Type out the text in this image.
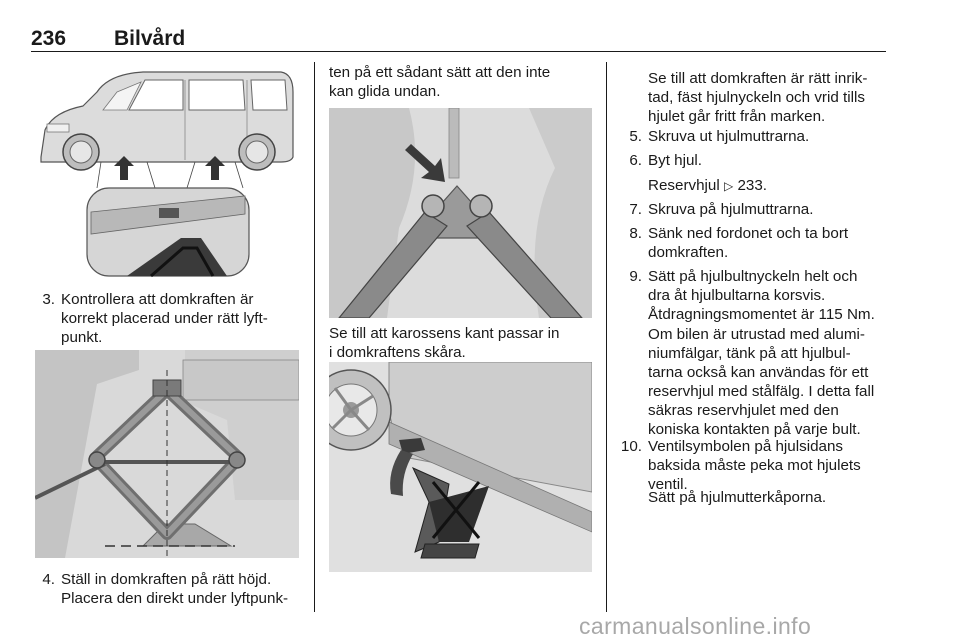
236 Bilvård
3. Kontrollera att domkraften är
korrekt placerad under rätt lyft-
punkt.
4. Ställ in domkraften på rätt höjd.
Placera den direkt under lyftpunk-
ten på ett sådant sätt att den inte
kan glida undan.
Se till att karossens kant passar in
i domkraftens skåra.
Se till att domkraften är rätt inrik-
tad, fäst hjulnyckeln och vrid tills
hjulet går fritt från marken.
5. Skruva ut hjulmuttrarna.
6. Byt hjul.
Reservhjul ▷ 233.
7. Skruva på hjulmuttrarna.
8. Sänk ned fordonet och ta bort
domkraften.
9. Sätt på hjulbultnyckeln helt och
dra åt hjulbultarna korsvis.
Åtdragningsmomentet är 115 Nm.
Om bilen är utrustad med alumi-
niumfälgar, tänk på att hjulbul-
tarna också kan användas för ett
reservhjul med stålfälg. I detta fall
säkras reservhjulet med den
koniska kontakten på varje bult.
10. Ventilsymbolen på hjulsidans
baksida måste peka mot hjulets
ventil.
Sätt på hjulmutterkåporna.
carmanualsonline.info
